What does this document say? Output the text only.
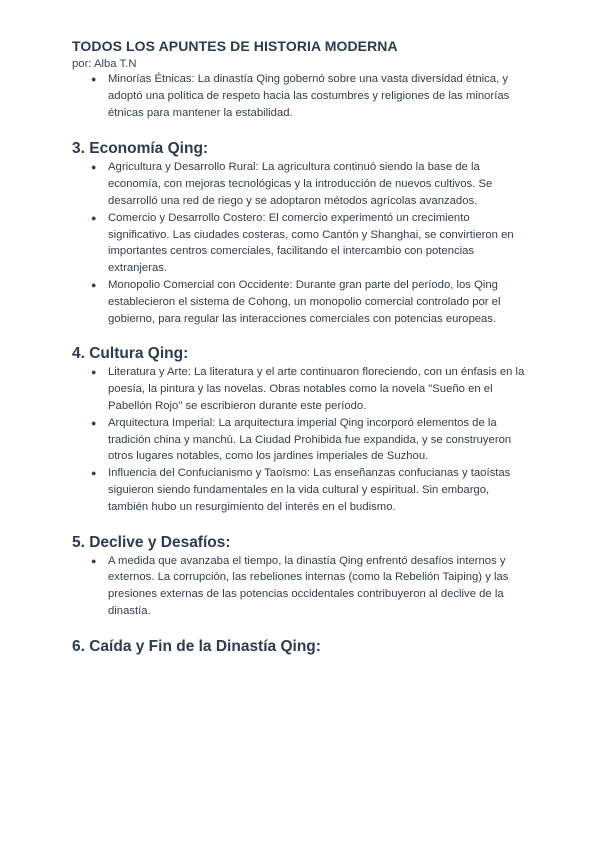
TODOS LOS APUNTES DE HISTORIA MODERNA

por: Alba T.N

● Minorías Étnicas: La dinastía Qing gobernó sobre una vasta diversidad étnica, y adoptó una política de respeto hacia las costumbres y religiones de las minorías étnicas para mantener la estabilidad.
3. Economía Qing:
● Agricultura y Desarrollo Rural: La agricultura continuó siendo la base de la economía, con mejoras tecnológicas y la introducción de nuevos cultivos. Se desarrolló una red de riego y se adoptaron métodos agrícolas avanzados.
● Comercio y Desarrollo Costero: El comercio experimentó un crecimiento significativo. Las ciudades costeras, como Cantón y Shanghai, se convirtieron en importantes centros comerciales, facilitando el intercambio con potencias extranjeras.
● Monopolio Comercial con Occidente: Durante gran parte del período, los Qing establecieron el sistema de Cohong, un monopolio comercial controlado por el gobierno, para regular las interacciones comerciales con potencias europeas.
4. Cultura Qing:
● Literatura y Arte: La literatura y el arte continuaron floreciendo, con un énfasis en la poesía, la pintura y las novelas. Obras notables como la novela "Sueño en el Pabellón Rojo" se escribieron durante este período.
● Arquitectura Imperial: La arquitectura imperial Qing incorporó elementos de la tradición china y manchú. La Ciudad Prohibida fue expandida, y se construyeron otros lugares notables, como los jardines imperiales de Suzhou.
● Influencia del Confucianismo y Taoísmo: Las enseñanzas confucianas y taoístas siguieron siendo fundamentales en la vida cultural y espiritual. Sin embargo, también hubo un resurgimiento del interés en el budismo.
5. Declive y Desafíos:
● A medida que avanzaba el tiempo, la dinastía Qing enfrentó desafíos internos y externos. La corrupción, las rebeliones internas (como la Rebelión Taiping) y las presiones externas de las potencias occidentales contribuyeron al declive de la dinastía.
6. Caída y Fin de la Dinastía Qing:
